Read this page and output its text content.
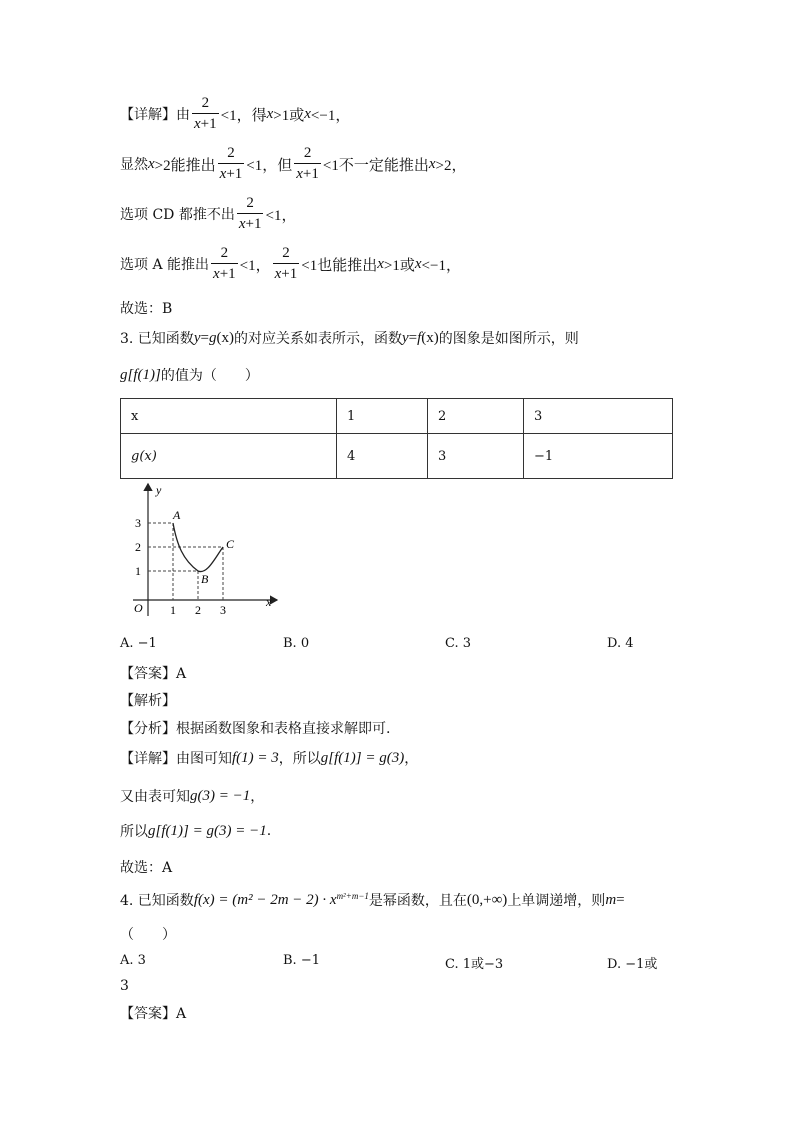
【详解】 由 $\frac{2}{x+1} <1$，得 x >1或 x <−1，
显然 x >2能推出 $\frac{2}{x+1} <1$，但 $\frac{2}{x+1} <1$不一定能推出 x >2，
选项 CD 都推不出 $\frac{2}{x+1} <1$，
选项 A 能推出 $\frac{2}{x+1} <1$， $\frac{2}{x+1} <1$也能推出 x >1或 x <−1，
故选：B
3. 已知函数 y = g (x) 的对应关系如表所示，函数 y = f (x) 的图象是如图所示，则
g[f(1)] 的值为（　　）
x	1	2	3
g(x)	4	3	−1
y
x
O 1 2 3
1
2
3
A
B
C
A. −1	B. 0	C. 3	D. 4
【答案】A
【解析】
【分析】根据函数图象和表格直接求解即可.
【详解】 由图可知 f(1) = 3 ，所以 g[f(1)] = g(3) ，
又由表可知 g(3) = −1 ，
所以 g[f(1)] = g(3) = −1 .
故选：A
4. 已知函数 $f(x) = (m^2 - 2m - 2) \cdot x^{m^2+m-1}$ 是幂函数，且在 (0,+∞) 上单调递增，则 m =
（　　）
A. 3	B. −1	C. 1或−3	D. −1或
3
【答案】A
